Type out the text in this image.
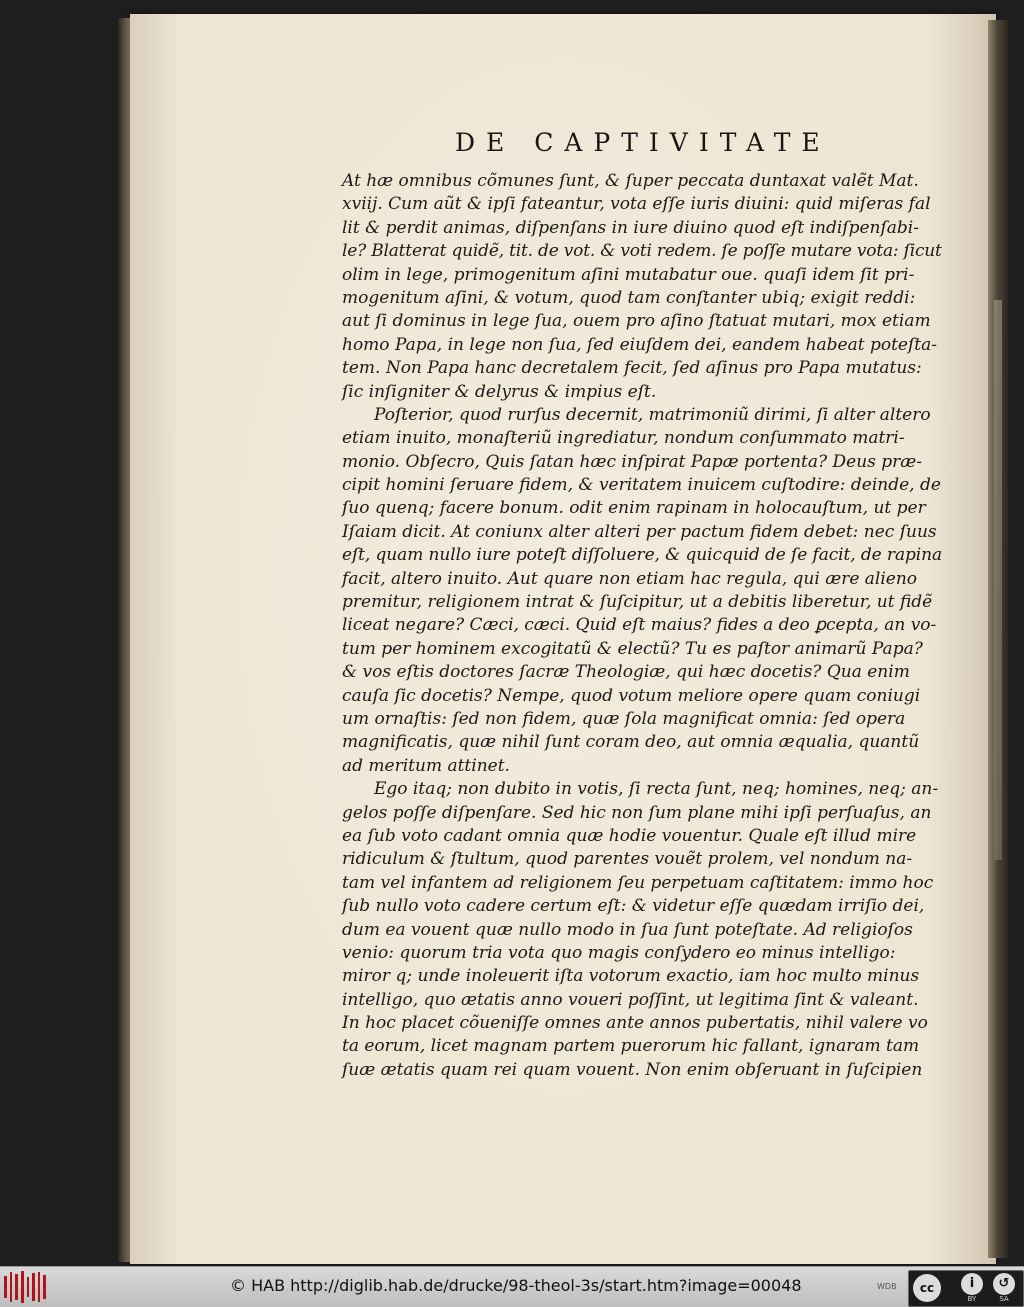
DE CAPTIVITATE
At hæ omnibus cõmunes ſunt, & ſuper peccata duntaxat valẽt Mat.
xviij. Cum aũt & ipſi fateantur, vota eſſe iuris diuini: quid miſeras fal
lit & perdit animas, diſpenſans in iure diuino quod eſt indiſpenſabi-
le? Blatterat quidẽ, tit. de vot. & voti redem. ſe poſſe mutare vota: ſicut
olim in lege, primogenitum aſini mutabatur oue. quaſi idem ſit pri-
mogenitum aſini, & votum, quod tam conſtanter ubiq; exigit reddi:
aut ſi dominus in lege ſua, ouem pro aſino ſtatuat mutari, mox etiam
homo Papa, in lege non ſua, ſed eiuſdem dei, eandem habeat poteſta-
tem. Non Papa hanc decretalem fecit, ſed aſinus pro Papa mutatus:
ſic inſigniter & delyrus & impius eſt.
Poſterior, quod rurſus decernit, matrimoniũ dirimi, ſi alter altero
etiam inuito, monaſteriũ ingrediatur, nondum conſummato matri-
monio. Obſecro, Quis ſatan hæc inſpirat Papæ portenta? Deus præ-
cipit homini ſeruare fidem, & veritatem inuicem cuſtodire: deinde, de
ſuo quenq; facere bonum. odit enim rapinam in holocauſtum, ut per
Iſaiam dicit. At coniunx alter alteri per pactum fidem debet: nec ſuus
eſt, quam nullo iure poteſt diſſoluere, & quicquid de ſe facit, de rapina
facit, altero inuito. Aut quare non etiam hac regula, qui ære alieno
premitur, religionem intrat & ſuſcipitur, ut a debitis liberetur, ut fidẽ
liceat negare? Cæci, cæci. Quid eſt maius? fides a deo ꝑcepta, an vo-
tum per hominem excogitatũ & electũ? Tu es paſtor animarũ Papa?
& vos eſtis doctores ſacræ Theologiæ, qui hæc docetis? Qua enim
cauſa ſic docetis? Nempe, quod votum meliore opere quam coniugi
um ornaſtis: ſed non fidem, quæ ſola magnificat omnia: ſed opera
magnificatis, quæ nihil ſunt coram deo, aut omnia æqualia, quantũ
ad meritum attinet.
Ego itaq; non dubito in votis, ſi recta ſunt, neq; homines, neq; an-
gelos poſſe diſpenſare. Sed hic non ſum plane mihi ipſi perſuaſus, an
ea ſub voto cadant omnia quæ hodie vouentur. Quale eſt illud mire
ridiculum & ſtultum, quod parentes vouẽt prolem, vel nondum na-
tam vel infantem ad religionem ſeu perpetuam caſtitatem: immo hoc
ſub nullo voto cadere certum eſt: & videtur eſſe quædam irriſio dei,
dum ea vouent quæ nullo modo in ſua ſunt poteſtate. Ad religioſos
venio: quorum tria vota quo magis conſydero eo minus intelligo:
miror q; unde inoleuerit iſta votorum exactio, iam hoc multo minus
intelligo, quo ætatis anno voueri poſſint, ut legitima ſint & valeant.
In hoc placet cõueniſſe omnes ante annos pubertatis, nihil valere vo
ta eorum, licet magnam partem puerorum hic fallant, ignaram tam
ſuæ ætatis quam rei quam vouent. Non enim obſeruant in ſuſcipien
© HAB http://diglib.hab.de/drucke/98-theol-3s/start.htm?image=00048	WDB	cc	i
BY
↺
SA
